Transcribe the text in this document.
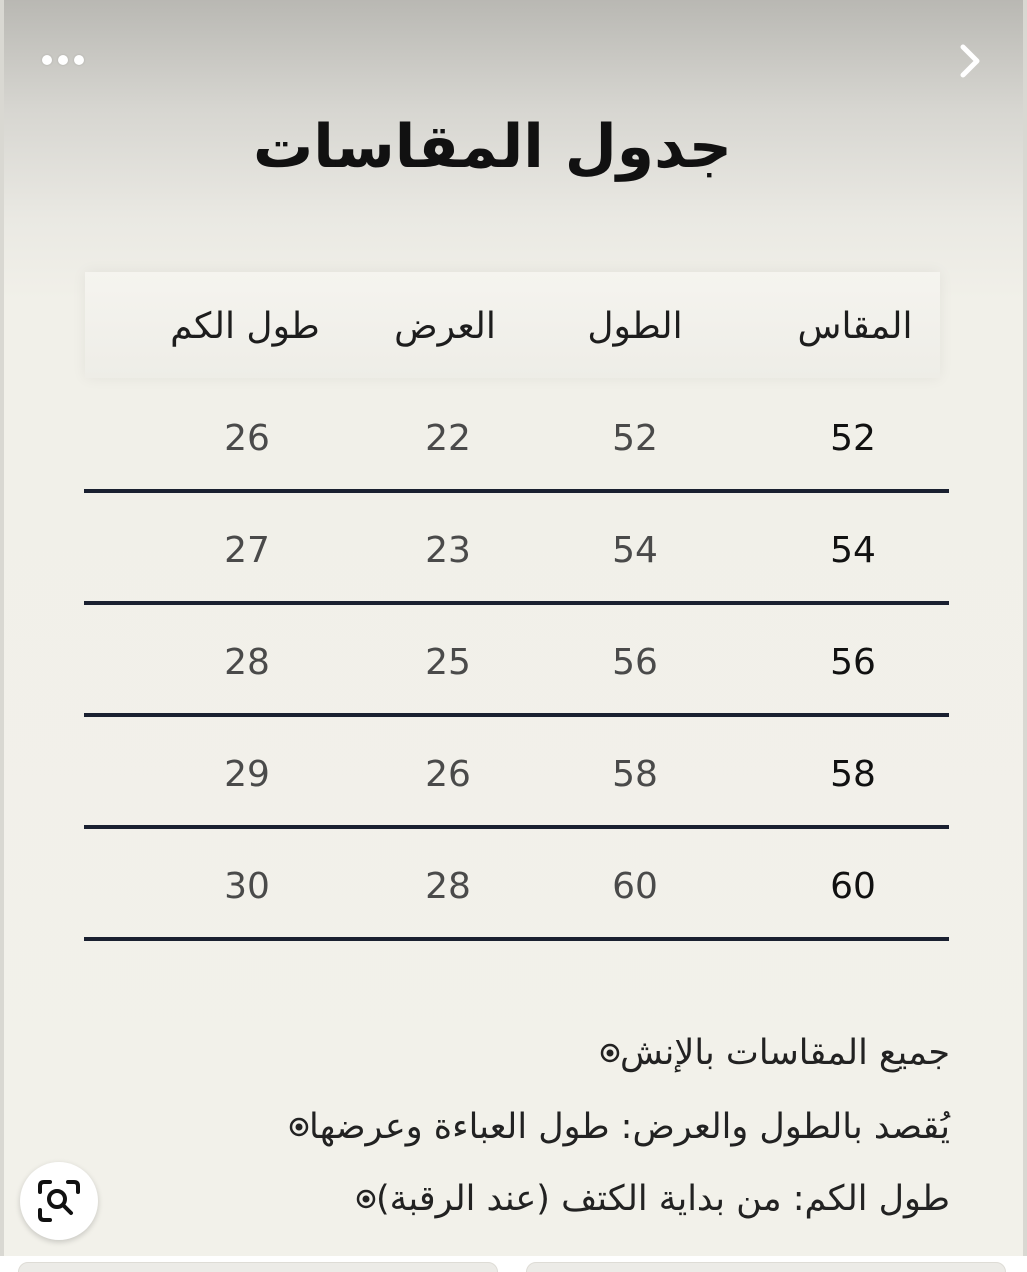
جدول المقاسات
المقاس
الطول
العرض
طول الكم
52
52
22
26
54
54
23
27
56
56
25
28
58
58
26
29
60
60
28
30
جميع المقاسات بالإنش
يُقصد بالطول والعرض: طول العباءة وعرضها
طول الكم: من بداية الكتف (عند الرقبة)
